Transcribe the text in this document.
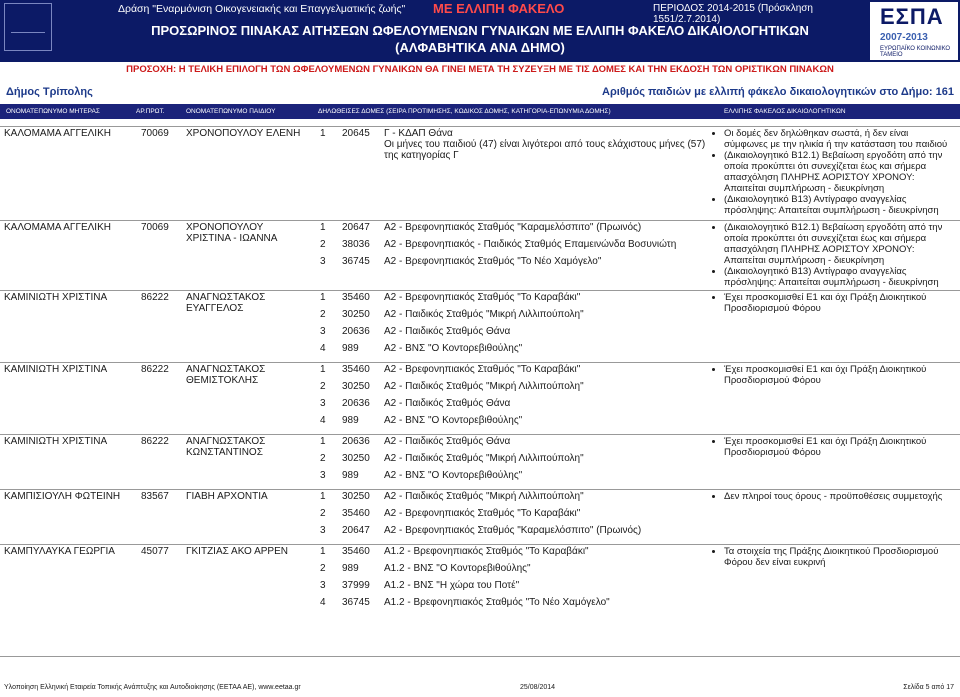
Δράση "Εναρμόνιση Οικογενειακής και Επαγγελματικής ζωής" ΜΕ ΕΛΛΙΠΗ ΦΑΚΕΛΟ	ΠΕΡΙΟΔΟΣ 2014-2015 (Πρόσκληση 1551/2.7.2014)
ΠΡΟΣΩΡΙΝΟΣ ΠΙΝΑΚΑΣ ΑΙΤΗΣΕΩΝ ΩΦΕΛΟΥΜΕΝΩΝ ΓΥΝΑΙΚΩΝ ΜΕ ΕΛΛΙΠΗ ΦΑΚΕΛΟ ΔΙΚΑΙΟΛΟΓΗΤΙΚΩΝ
(ΑΛΦΑΒΗΤΙΚΑ ΑΝΑ ΔΗΜΟ)
ΕΣΠΑ
2007-2013
ΕΥΡΩΠΑΪΚΟ ΚΟΙΝΩΝΙΚΟ ΤΑΜΕΙΟ
ΠΡΟΣΟΧΗ: Η ΤΕΛΙΚΗ ΕΠΙΛΟΓΗ ΤΩΝ ΩΦΕΛΟΥΜΕΝΩΝ ΓΥΝΑΙΚΩΝ ΘΑ ΓΙΝΕΙ ΜΕΤΑ ΤΗ ΣΥΖΕΥΞΗ ΜΕ ΤΙΣ ΔΟΜΕΣ ΚΑΙ ΤΗΝ ΕΚΔΟΣΗ ΤΩΝ ΟΡΙΣΤΙΚΩΝ ΠΙΝΑΚΩΝ
Δήμος Τρίπολης	Αριθμός παιδιών με ελλιπή φάκελο δικαιολογητικών στο Δήμο: 161
ΟΝΟΜΑΤΕΠΩΝΥΜΟ ΜΗΤΕΡΑΣ	ΑΡ.ΠΡΩΤ.	ΟΝΟΜΑΤΕΠΩΝΥΜΟ ΠΑΙΔΙΟΥ	ΔΗΛΩΘΕΙΣΕΣ ΔΟΜΕΣ (ΣΕΙΡΑ ΠΡΟΤΙΜΗΣΗΣ, ΚΩΔΙΚΟΣ ΔΟΜΗΣ, ΚΑΤΗΓΟΡΙΑ-ΕΠΩΝΥΜΙΑ ΔΟΜΗΣ)	ΕΛΛΙΠΗΣ ΦΑΚΕΛΟΣ ΔΙΚΑΙΟΛΟΓΗΤΙΚΩΝ
ΚΑΛΟΜΑΜΑ ΑΓΓΕΛΙΚΗ	70069	ΧΡΟΝΟΠΟΥΛΟΥ ΕΛΕΝΗ	1 20645 Γ - ΚΔΑΠ Θάνα
Οι μήνες του παιδιού (47) είναι λιγότεροι από τους ελάχιστους μήνες (57) της κατηγορίας Γ
• Οι δομές δεν δηλώθηκαν σωστά, ή δεν είναι σύμφωνες με την ηλικία ή την κατάσταση του παιδιού
• (Δικαιολογητικό Β12.1) Βεβαίωση εργοδότη από την οποία προκύπτει ότι συνεχίζεται έως και σήμερα απασχόληση ΠΛΗΡΗΣ ΑΟΡΙΣΤΟΥ ΧΡΟΝΟΥ: Απαιτείται συμπλήρωση - διευκρίνηση
• (Δικαιολογητικό Β13) Αντίγραφο αναγγελίας πρόσληψης: Απαιτείται συμπλήρωση - διευκρίνηση
ΚΑΛΟΜΑΜΑ ΑΓΓΕΛΙΚΗ	70069	ΧΡΟΝΟΠΟΥΛΟΥ ΧΡΙΣΤΙΝΑ - ΙΩΑΝΝΑ
1 20647 Α2 - Βρεφονηπιακός Σταθμός "Καραμελόσπιτο" (Πρωινός)
2 38036 Α2 - Βρεφονηπιακός - Παιδικός Σταθμός Επαμεινώνδα Βοσυνιώτη
3 36745 Α2 - Βρεφονηπιακός Σταθμός "Το Νέο Χαμόγελο"
• (Δικαιολογητικό Β12.1) Βεβαίωση εργοδότη από την οποία προκύπτει ότι συνεχίζεται έως και σήμερα απασχόληση ΠΛΗΡΗΣ ΑΟΡΙΣΤΟΥ ΧΡΟΝΟΥ: Απαιτείται συμπλήρωση - διευκρίνηση
• (Δικαιολογητικό Β13) Αντίγραφο αναγγελίας πρόσληψης: Απαιτείται συμπλήρωση - διευκρίνηση
ΚΑΜΙΝΙΩΤΗ ΧΡΙΣΤΙΝΑ	86222	ΑΝΑΓΝΩΣΤΑΚΟΣ ΕΥΑΓΓΕΛΟΣ
1 35460 Α2 - Βρεφονηπιακός Σταθμός "Το Καραβάκι"
2 30250 Α2 - Παιδικός Σταθμός "Μικρή Λιλλιπούπολη"
3 20636 Α2 - Παιδικός Σταθμός Θάνα
4 989	Α2 - ΒΝΣ "Ο Κοντορεβιθούλης"
• Έχει προσκομισθεί Ε1 και όχι Πράξη Διοικητικού Προσδιορισμού Φόρου
ΚΑΜΙΝΙΩΤΗ ΧΡΙΣΤΙΝΑ	86222	ΑΝΑΓΝΩΣΤΑΚΟΣ ΘΕΜΙΣΤΟΚΛΗΣ
1 35460 Α2 - Βρεφονηπιακός Σταθμός "Το Καραβάκι"
2 30250 Α2 - Παιδικός Σταθμός "Μικρή Λιλλιπούπολη"
3 20636 Α2 - Παιδικός Σταθμός Θάνα
4 989	Α2 - ΒΝΣ "Ο Κοντορεβιθούλης"
• Έχει προσκομισθεί Ε1 και όχι Πράξη Διοικητικού Προσδιορισμού Φόρου
ΚΑΜΙΝΙΩΤΗ ΧΡΙΣΤΙΝΑ	86222	ΑΝΑΓΝΩΣΤΑΚΟΣ ΚΩΝΣΤΑΝΤΙΝΟΣ
1 20636 Α2 - Παιδικός Σταθμός Θάνα
2 30250 Α2 - Παιδικός Σταθμός "Μικρή Λιλλιπούπολη"
3 989	Α2 - ΒΝΣ "Ο Κοντορεβιθούλης"
• Έχει προσκομισθεί Ε1 και όχι Πράξη Διοικητικού Προσδιορισμού Φόρου
ΚΑΜΠΙΣΙΟΥΛΗ ΦΩΤΕΙΝΗ	83567	ΓΙΑΒΗ ΑΡΧΟΝΤΙΑ	1 30250 Α2 - Παιδικός Σταθμός "Μικρή Λιλλιπούπολη"
2 35460 Α2 - Βρεφονηπιακός Σταθμός "Το Καραβάκι"
3 20647 Α2 - Βρεφονηπιακός Σταθμός "Καραμελόσπιτο" (Πρωινός)
• Δεν πληροί τους όρους - προϋποθέσεις συμμετοχής
ΚΑΜΠΥΛΑΥΚΑ ΓΕΩΡΓΙΑ	45077	ΓΚΙΤΖΙΑΣ ΑΚΟ ΑΡΡΕΝ	1 35460 Α1.2 - Βρεφονηπιακός Σταθμός "Το Καραβάκι"
2 989	Α1.2 - ΒΝΣ "Ο Κοντορεβιθούλης"
3 37999 Α1.2 - ΒΝΣ "Η χώρα του Ποτέ"
4 36745 Α1.2 - Βρεφονηπιακός Σταθμός "Το Νέο Χαμόγελο"
• Τα στοιχεία της Πράξης Διοικητικού Προσδιορισμού Φόρου δεν είναι ευκρινή
Υλοποίηση Ελληνική Εταιρεία Τοπικής Ανάπτυξης και Αυτοδιοίκησης (ΕΕΤΑΑ ΑΕ), www.eetaa.gr	25/08/2014	Σελίδα 5 από 17
